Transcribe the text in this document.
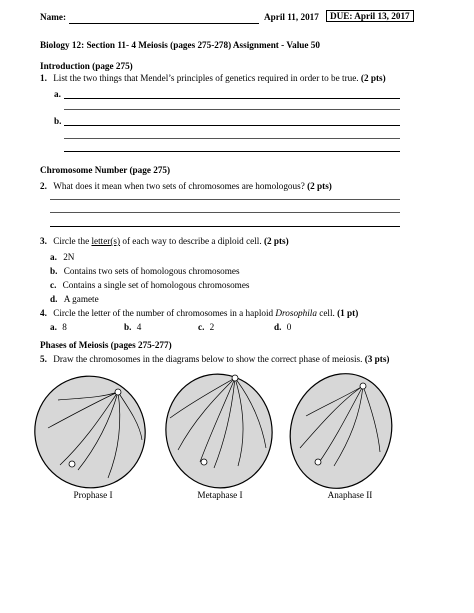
Name:	April 11, 2017	DUE: April 13, 2017
Biology 12: Section 11- 4 Meiosis (pages 275-278) Assignment - Value 50
Introduction (page 275)
1. List the two things that Mendel’s principles of genetics required in order to be true. (2 pts)
a.
b.
Chromosome Number (page 275)
2. What does it mean when two sets of chromosomes are homologous? (2 pts)
3. Circle the letter(s) of each way to describe a diploid cell. (2 pts)
a. 2N
b. Contains two sets of homologous chromosomes
c. Contains a single set of homologous chromosomes
d. A gamete
4. Circle the letter of the number of chromosomes in a haploid Drosophila cell. (1 pt)
a. 8	b. 4	c. 2	d. 0
Phases of Meiosis (pages 275-277)
5. Draw the chromosomes in the diagrams below to show the correct phase of meiosis. (3 pts)
Prophase I	Metaphase I	Anaphase II
